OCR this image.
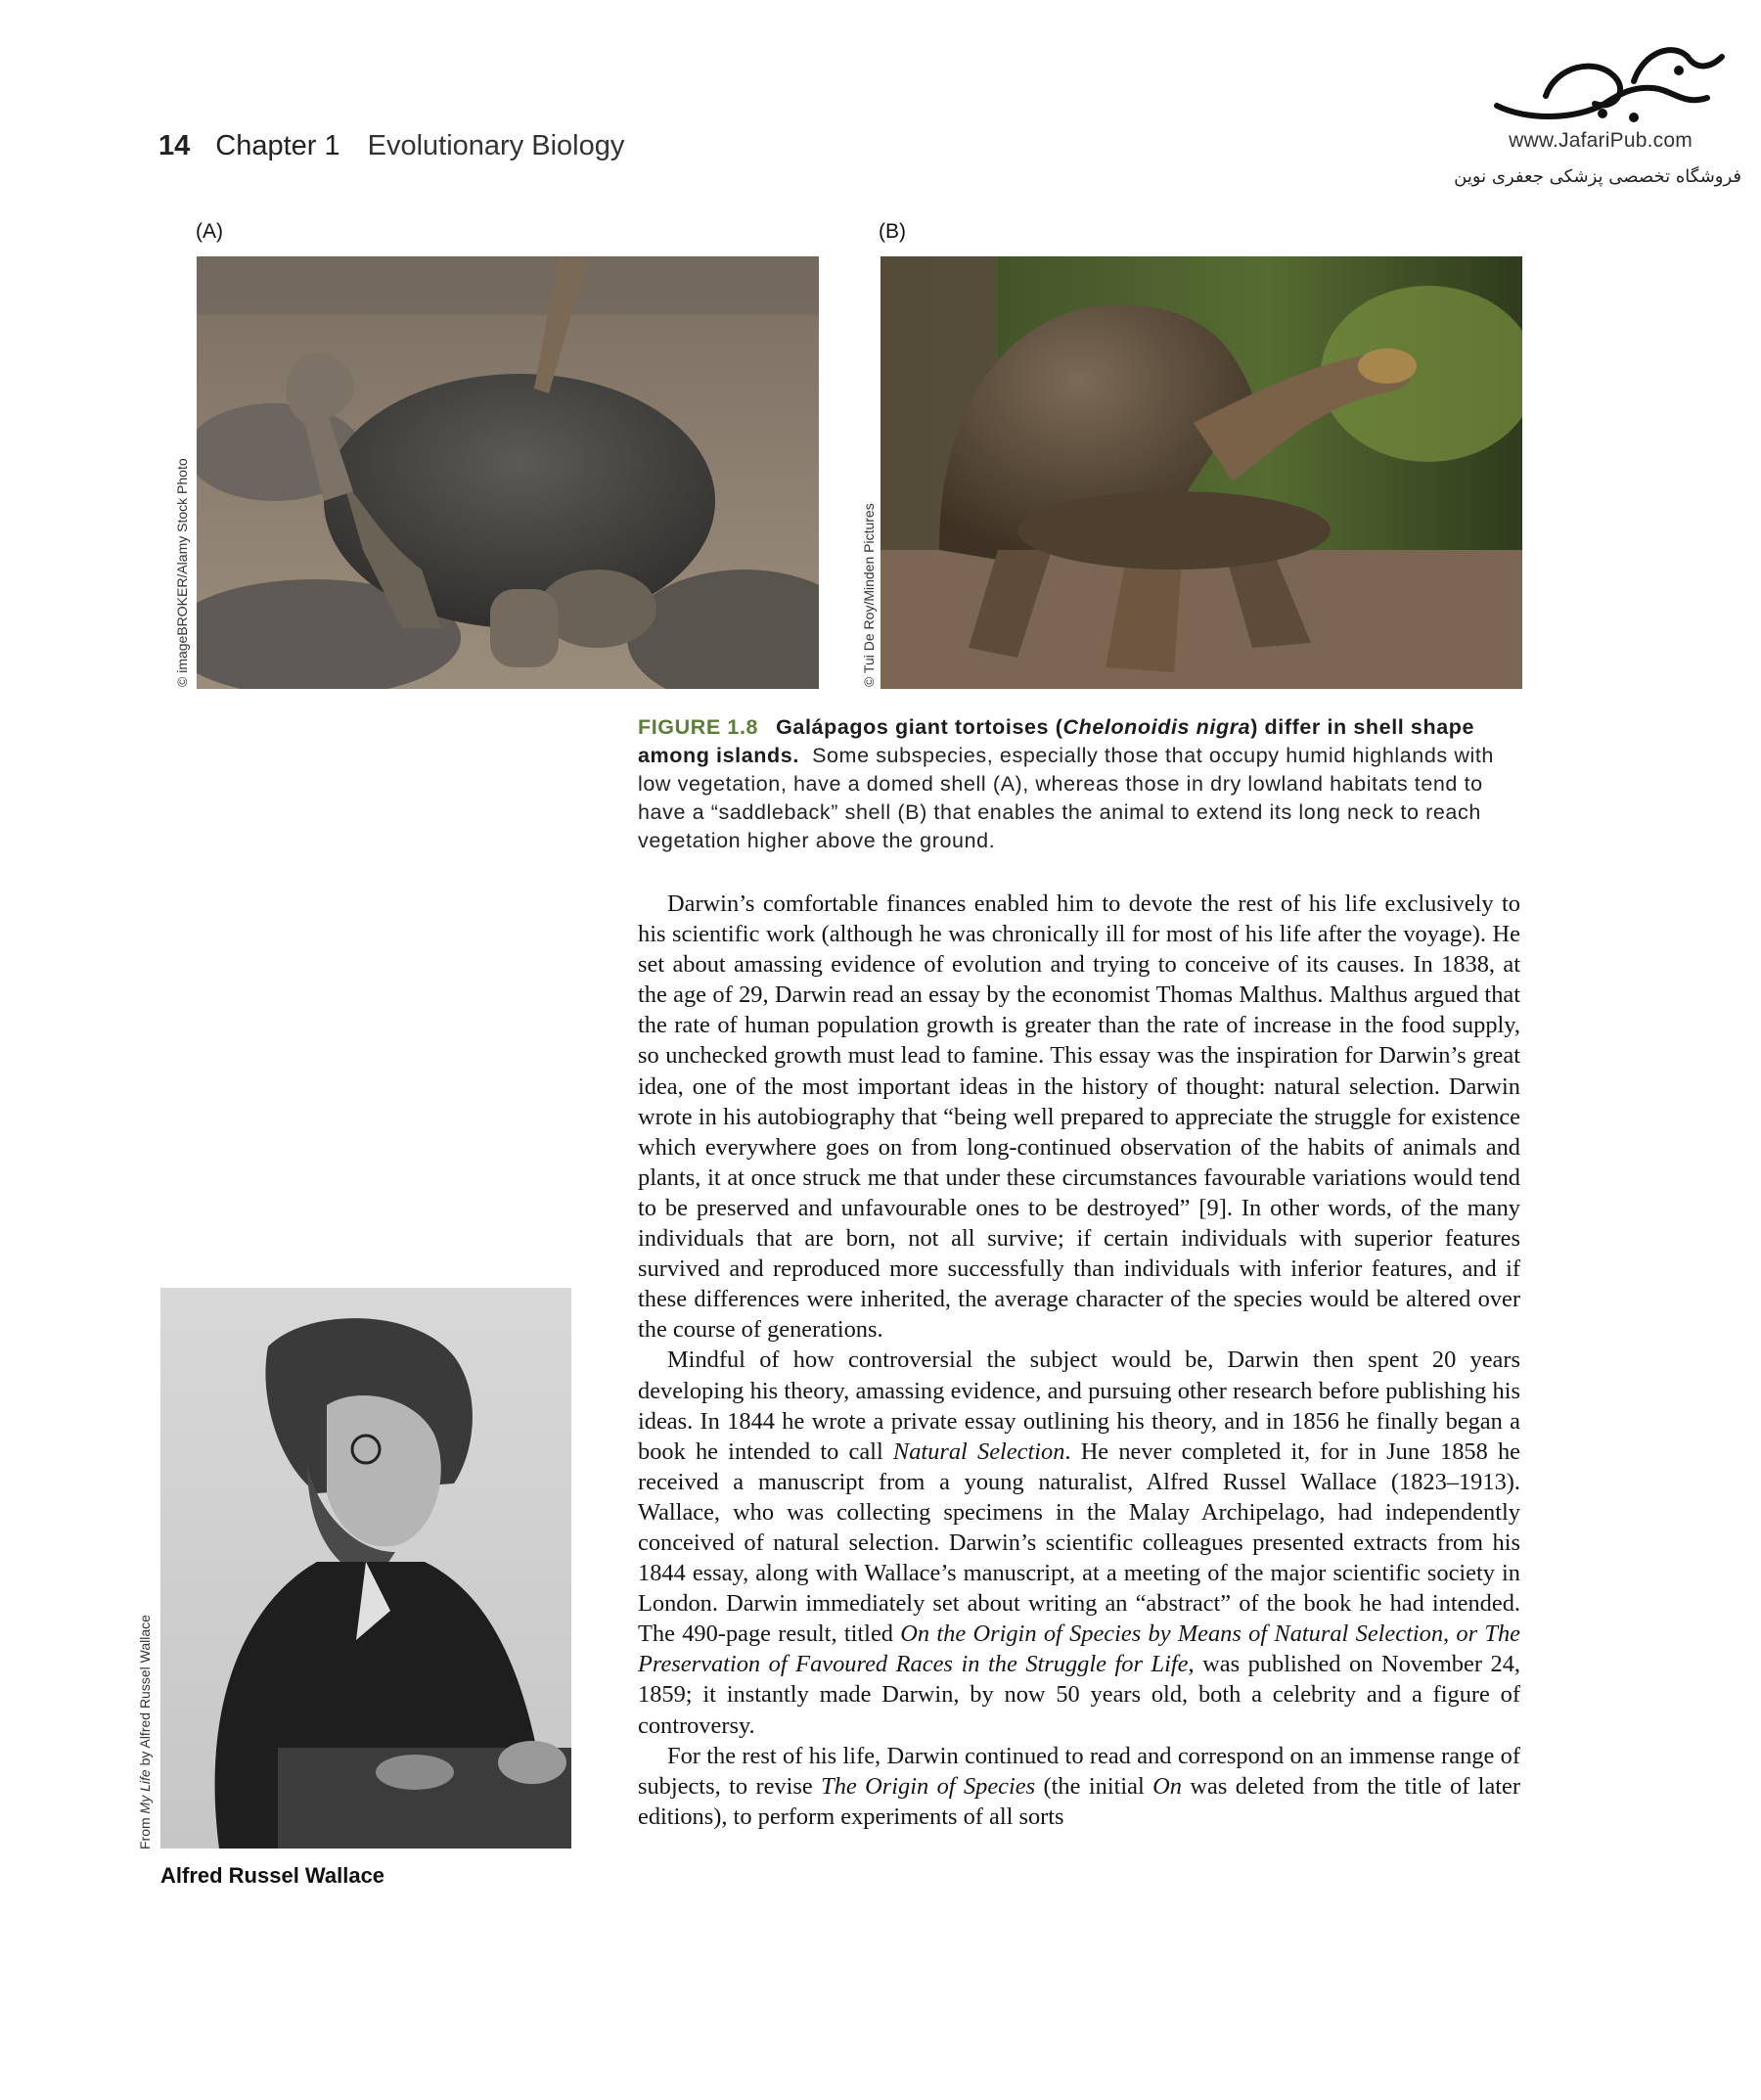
14 Chapter 1 Evolutionary Biology	www.JafariPub.com
فروشگاه تخصصی پزشکی جعفری نوین
(A)	(B)
© imageBROKER/Alamy Stock Photo	© Tui De Roy/Minden Pictures
FIGURE 1.8 Galápagos giant tortoises (Chelonoidis nigra) differ in shell shape among islands. Some subspecies, especially those that occupy humid highlands with low vegetation, have a domed shell (A), whereas those in dry lowland habitats tend to have a “saddleback” shell (B) that enables the animal to extend its long neck to reach vegetation higher above the ground.
From My Life by Alfred Russel Wallace
Alfred Russel Wallace

Darwin’s comfortable finances enabled him to devote the rest of his life exclusively to his scientific work (although he was chronically ill for most of his life after the voyage). He set about amassing evidence of evolution and trying to conceive of its causes. In 1838, at the age of 29, Darwin read an essay by the economist Thomas Malthus. Malthus argued that the rate of human population growth is greater than the rate of increase in the food supply, so unchecked growth must lead to famine. This essay was the inspiration for Darwin’s great idea, one of the most important ideas in the history of thought: natural selection. Darwin wrote in his autobiography that “being well prepared to appreciate the struggle for existence which everywhere goes on from long-continued observation of the habits of animals and plants, it at once struck me that under these circumstances favourable variations would tend to be preserved and unfavourable ones to be destroyed” [9]. In other words, of the many individuals that are born, not all survive; if certain individuals with superior features survived and reproduced more successfully than individuals with inferior features, and if these differences were inherited, the average character of the species would be altered over the course of generations.

Mindful of how controversial the subject would be, Darwin then spent 20 years developing his theory, amassing evidence, and pursuing other research before publishing his ideas. In 1844 he wrote a private essay outlining his theory, and in 1856 he finally began a book he intended to call Natural Selection. He never completed it, for in June 1858 he received a manuscript from a young naturalist, Alfred Russel Wallace (1823–1913). Wallace, who was collecting specimens in the Malay Archipelago, had independently conceived of natural selection. Darwin’s scientific colleagues presented extracts from his 1844 essay, along with Wallace’s manuscript, at a meeting of the major scientific society in London. Darwin immediately set about writing an “abstract” of the book he had intended. The 490-page result, titled On the Origin of Species by Means of Natural Selection, or The Preservation of Favoured Races in the Struggle for Life, was published on November 24, 1859; it instantly made Darwin, by now 50 years old, both a celebrity and a figure of controversy.

For the rest of his life, Darwin continued to read and correspond on an immense range of subjects, to revise The Origin of Species (the initial On was deleted from the title of later editions), to perform experiments of all sorts
